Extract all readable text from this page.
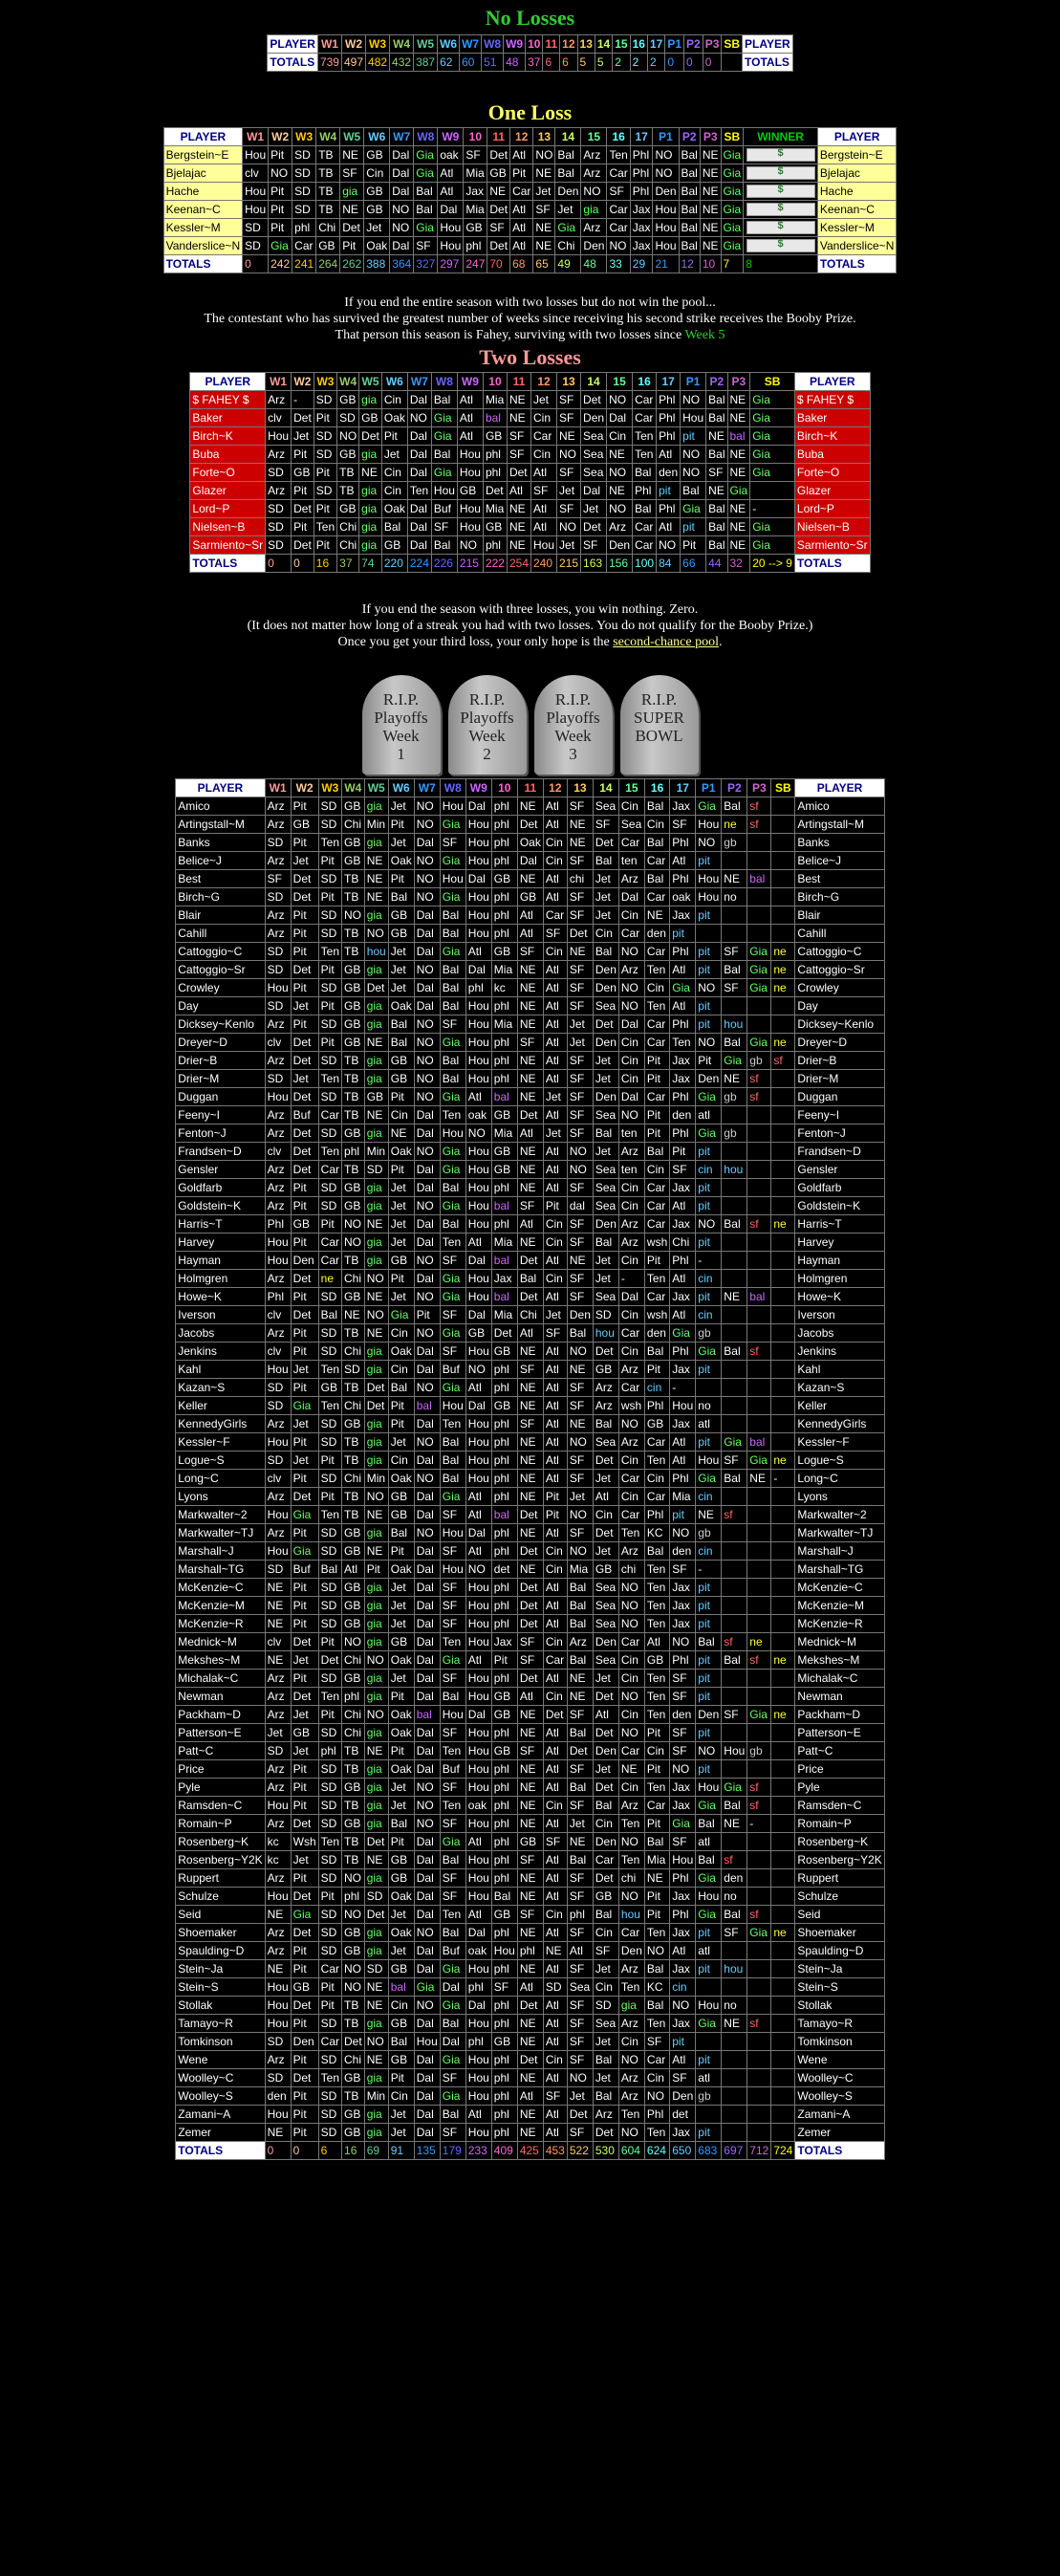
No Losses
PLAYER	W1	W2	W3	W4	W5	W6	W7	W8	W9	10	11	12	13	14	15	16	17	P1	P2	P3	SB	PLAYER
TOTALS	739	497	482	432	387	62	60	51	48	37	6	6	5	5	2	2	2	0	0	0		TOTALS
One Loss
PLAYER	W1	W2	W3	W4	W5	W6	W7	W8	W9	10	11	12	13	14	15	16	17	P1	P2	P3	SB	WINNER	PLAYER
Bergstein~E	Hou	Pit	SD	TB	NE	GB	Dal	Gia	oak	SF	Det	Atl	NO	Bal	Arz	Ten	Phl	NO	Bal	NE	Gia	$	Bergstein~E
Bjelajac	clv	NO	SD	TB	SF	Cin	Dal	Gia	Atl	Mia	GB	Pit	NE	Bal	Arz	Car	Phl	NO	Bal	NE	Gia	$	Bjelajac
Hache	Hou	Pit	SD	TB	gia	GB	Dal	Bal	Atl	Jax	NE	Car	Jet	Den	NO	SF	Phl	Den	Bal	NE	Gia	$	Hache
Keenan~C	Hou	Pit	SD	TB	NE	GB	NO	Bal	Dal	Mia	Det	Atl	SF	Jet	gia	Car	Jax	Hou	Bal	NE	Gia	$	Keenan~C
Kessler~M	SD	Pit	phl	Chi	Det	Jet	NO	Gia	Hou	GB	SF	Atl	NE	Gia	Arz	Car	Jax	Hou	Bal	NE	Gia	$	Kessler~M
Vanderslice~N	SD	Gia	Car	GB	Pit	Oak	Dal	SF	Hou	phl	Det	Atl	NE	Chi	Den	NO	Jax	Hou	Bal	NE	Gia	$	Vanderslice~N
TOTALS	0	242	241	264	262	388	364	327	297	247	70	68	65	49	48	33	29	21	12	10	7	8	TOTALS
If you end the entire season with two losses but do not win the pool...
The contestant who has survived the greatest number of weeks since receiving his second strike receives the Booby Prize.
That person this season is Fahey, surviving with two losses since Week 5
Two Losses
PLAYER	W1	W2	W3	W4	W5	W6	W7	W8	W9	10	11	12	13	14	15	16	17	P1	P2	P3	SB	PLAYER
$ FAHEY $	Arz	-	SD	GB	gia	Cin	Dal	Bal	Atl	Mia	NE	Jet	SF	Det	NO	Car	Phl	NO	Bal	NE	Gia	$ FAHEY $
Baker	clv	Det	Pit	SD	GB	Oak	NO	Gia	Atl	bal	NE	Cin	SF	Den	Dal	Car	Phl	Hou	Bal	NE	Gia	Baker
Birch~K	Hou	Jet	SD	NO	Det	Pit	Dal	Gia	Atl	GB	SF	Car	NE	Sea	Cin	Ten	Phl	pit	NE	bal	Gia	Birch~K
Buba	Arz	Pit	SD	GB	gia	Jet	Dal	Bal	Hou	phl	SF	Cin	NO	Sea	NE	Ten	Atl	NO	Bal	NE	Gia	Buba
Forte~O	SD	GB	Pit	TB	NE	Cin	Dal	Gia	Hou	phl	Det	Atl	SF	Sea	NO	Bal	den	NO	SF	NE	Gia	Forte~O
Glazer	Arz	Pit	SD	TB	gia	Cin	Ten	Hou	GB	Det	Atl	SF	Jet	Dal	NE	Phl	pit	Bal	NE	Gia		Glazer
Lord~P	SD	Det	Pit	GB	gia	Oak	Dal	Buf	Hou	Mia	NE	Atl	SF	Jet	NO	Bal	Phl	Gia	Bal	NE	-	Lord~P
Nielsen~B	SD	Pit	Ten	Chi	gia	Bal	Dal	SF	Hou	GB	NE	Atl	NO	Det	Arz	Car	Atl	pit	Bal	NE	Gia	Nielsen~B
Sarmiento~Sr	SD	Det	Pit	Chi	gia	GB	Dal	Bal	NO	phl	NE	Hou	Jet	SF	Den	Car	NO	Pit	Bal	NE	Gia	Sarmiento~Sr
TOTALS	0	0	16	37	74	220	224	226	215	222	254	240	215	163	156	100	84	66	44	32	20 --> 9	TOTALS
If you end the season with three losses, you win nothing. Zero.
(It does not matter how long of a streak you had with two losses. You do not qualify for the Booby Prize.)
Once you get your third loss, your only hope is the second-chance pool.
R.I.P.
Playoffs
Week
1
R.I.P.
Playoffs
Week
2
R.I.P.
Playoffs
Week
3
R.I.P.
SUPER
BOWL
PLAYER	W1	W2	W3	W4	W5	W6	W7	W8	W9	10	11	12	13	14	15	16	17	P1	P2	P3	SB	PLAYER
Amico	Arz	Pit	SD	GB	gia	Jet	NO	Hou	Dal	phl	NE	Atl	SF	Sea	Cin	Bal	Jax	Gia	Bal	sf		Amico
Artingstall~M	Arz	GB	SD	Chi	Min	Pit	NO	Gia	Hou	phl	Det	Atl	NE	SF	Sea	Cin	SF	Hou	ne	sf		Artingstall~M
Banks	SD	Pit	Ten	GB	gia	Jet	Dal	SF	Hou	phl	Oak	Cin	NE	Det	Car	Bal	Phl	NO	gb			Banks
Belice~J	Arz	Jet	Pit	GB	NE	Oak	NO	Gia	Hou	phl	Dal	Cin	SF	Bal	ten	Car	Atl	pit				Belice~J
Best	SF	Det	SD	TB	NE	Pit	NO	Hou	Dal	GB	NE	Atl	chi	Jet	Arz	Bal	Phl	Hou	NE	bal		Best
Birch~G	SD	Det	Pit	TB	NE	Bal	NO	Gia	Hou	phl	GB	Atl	SF	Jet	Dal	Car	oak	Hou	no			Birch~G
Blair	Arz	Pit	SD	NO	gia	GB	Dal	Bal	Hou	phl	Atl	Car	SF	Jet	Cin	NE	Jax	pit				Blair
Cahill	Arz	Pit	SD	TB	NO	GB	Dal	Bal	Hou	phl	Atl	SF	Det	Cin	Car	den	pit					Cahill
Cattoggio~C	SD	Pit	Ten	TB	hou	Jet	Dal	Gia	Atl	GB	SF	Cin	NE	Bal	NO	Car	Phl	pit	SF	Gia	ne	Cattoggio~C
Cattoggio~Sr	SD	Det	Pit	GB	gia	Jet	NO	Bal	Dal	Mia	NE	Atl	SF	Den	Arz	Ten	Atl	pit	Bal	Gia	ne	Cattoggio~Sr
Crowley	Hou	Pit	SD	GB	Det	Jet	Dal	Bal	phl	kc	NE	Atl	SF	Den	NO	Cin	Gia	NO	SF	Gia	ne	Crowley
Day	SD	Jet	Pit	GB	gia	Oak	Dal	Bal	Hou	phl	NE	Atl	SF	Sea	NO	Ten	Atl	pit				Day
Dicksey~Kenlo	Arz	Pit	SD	GB	gia	Bal	NO	SF	Hou	Mia	NE	Atl	Jet	Det	Dal	Car	Phl	pit	hou			Dicksey~Kenlo
Dreyer~D	clv	Det	Pit	GB	NE	Bal	NO	Gia	Hou	phl	SF	Atl	Jet	Den	Cin	Car	Ten	NO	Bal	Gia	ne	Dreyer~D
Drier~B	Arz	Det	SD	TB	gia	GB	NO	Bal	Hou	phl	NE	Atl	SF	Jet	Cin	Pit	Jax	Pit	Gia	gb	sf	Drier~B
Drier~M	SD	Jet	Ten	TB	gia	GB	NO	Bal	Hou	phl	NE	Atl	SF	Jet	Cin	Pit	Jax	Den	NE	sf		Drier~M
Duggan	Hou	Det	SD	TB	GB	Pit	NO	Gia	Atl	bal	NE	Jet	SF	Den	Dal	Car	Phl	Gia	gb	sf		Duggan
Feeny~I	Arz	Buf	Car	TB	NE	Cin	Dal	Ten	oak	GB	Det	Atl	SF	Sea	NO	Pit	den	atl				Feeny~I
Fenton~J	Arz	Det	SD	GB	gia	NE	Dal	Hou	NO	Mia	Atl	Jet	SF	Bal	ten	Pit	Phl	Gia	gb			Fenton~J
Frandsen~D	clv	Det	Ten	phl	Min	Oak	NO	Gia	Hou	GB	NE	Atl	NO	Jet	Arz	Bal	Pit	pit				Frandsen~D
Gensler	Arz	Det	Car	TB	SD	Pit	Dal	Gia	Hou	GB	NE	Atl	NO	Sea	ten	Cin	SF	cin	hou			Gensler
Goldfarb	Arz	Pit	SD	GB	gia	Jet	Dal	Bal	Hou	phl	NE	Atl	SF	Sea	Cin	Car	Jax	pit				Goldfarb
Goldstein~K	Arz	Pit	SD	GB	gia	Jet	NO	Gia	Hou	bal	SF	Pit	dal	Sea	Cin	Car	Atl	pit				Goldstein~K
Harris~T	Phl	GB	Pit	NO	NE	Jet	Dal	Bal	Hou	phl	Atl	Cin	SF	Den	Arz	Car	Jax	NO	Bal	sf	ne	Harris~T
Harvey	Hou	Pit	Car	NO	gia	Jet	Dal	Ten	Atl	Mia	NE	Cin	SF	Bal	Arz	wsh	Chi	pit				Harvey
Hayman	Hou	Den	Car	TB	gia	GB	NO	SF	Dal	bal	Det	Atl	NE	Jet	Cin	Pit	Phl	-				Hayman
Holmgren	Arz	Det	ne	Chi	NO	Pit	Dal	Gia	Hou	Jax	Bal	Cin	SF	Jet	-	Ten	Atl	cin				Holmgren
Howe~K	Phl	Pit	SD	GB	NE	Jet	NO	Gia	Hou	bal	Det	Atl	SF	Sea	Dal	Car	Jax	pit	NE	bal		Howe~K
Iverson	clv	Det	Bal	NE	NO	Gia	Pit	SF	Dal	Mia	Chi	Jet	Den	SD	Cin	wsh	Atl	cin				Iverson
Jacobs	Arz	Pit	SD	TB	NE	Cin	NO	Gia	GB	Det	Atl	SF	Bal	hou	Car	den	Gia	gb				Jacobs
Jenkins	clv	Pit	SD	Chi	gia	Oak	Dal	SF	Hou	GB	NE	Atl	NO	Det	Cin	Bal	Phl	Gia	Bal	sf		Jenkins
Kahl	Hou	Jet	Ten	SD	gia	Cin	Dal	Buf	NO	phl	SF	Atl	NE	GB	Arz	Pit	Jax	pit				Kahl
Kazan~S	SD	Pit	GB	TB	Det	Bal	NO	Gia	Atl	phl	NE	Atl	SF	Arz	Car	cin	-					Kazan~S
Keller	SD	Gia	Ten	Chi	Det	Pit	bal	Hou	Dal	GB	NE	Atl	SF	Arz	wsh	Phl	Hou	no				Keller
KennedyGirls	Arz	Jet	SD	GB	gia	Pit	Dal	Ten	Hou	phl	SF	Atl	NE	Bal	NO	GB	Jax	atl				KennedyGirls
Kessler~F	Hou	Pit	SD	TB	gia	Jet	NO	Bal	Hou	phl	NE	Atl	NO	Sea	Arz	Car	Atl	pit	Gia	bal		Kessler~F
Logue~S	SD	Jet	Pit	TB	gia	Cin	Dal	Bal	Hou	phl	NE	Atl	SF	Det	Cin	Ten	Atl	Hou	SF	Gia	ne	Logue~S
Long~C	clv	Pit	SD	Chi	Min	Oak	NO	Bal	Hou	phl	NE	Atl	SF	Jet	Car	Cin	Phl	Gia	Bal	NE	-	Long~C
Lyons	Arz	Det	Pit	TB	NO	GB	Dal	Gia	Atl	phl	NE	Pit	Jet	Atl	Cin	Car	Mia	cin				Lyons
Markwalter~2	Hou	Gia	Ten	TB	NE	GB	Dal	SF	Atl	bal	Det	Pit	NO	Cin	Car	Phl	pit	NE	sf			Markwalter~2
Markwalter~TJ	Arz	Pit	SD	GB	gia	Bal	NO	Hou	Dal	phl	NE	Atl	SF	Det	Ten	KC	NO	gb				Markwalter~TJ
Marshall~J	Hou	Gia	SD	GB	NE	Pit	Dal	SF	Atl	phl	Det	Cin	NO	Jet	Arz	Bal	den	cin				Marshall~J
Marshall~TG	SD	Buf	Bal	Atl	Pit	Oak	Dal	Hou	NO	det	NE	Cin	Mia	GB	chi	Ten	SF	-				Marshall~TG
McKenzie~C	NE	Pit	SD	GB	gia	Jet	Dal	SF	Hou	phl	Det	Atl	Bal	Sea	NO	Ten	Jax	pit				McKenzie~C
McKenzie~M	NE	Pit	SD	GB	gia	Jet	Dal	SF	Hou	phl	Det	Atl	Bal	Sea	NO	Ten	Jax	pit				McKenzie~M
McKenzie~R	NE	Pit	SD	GB	gia	Jet	Dal	SF	Hou	phl	Det	Atl	Bal	Sea	NO	Ten	Jax	pit				McKenzie~R
Mednick~M	clv	Det	Pit	NO	gia	GB	Dal	Ten	Hou	Jax	SF	Cin	Arz	Den	Car	Atl	NO	Bal	sf	ne		Mednick~M
Mekshes~M	NE	Jet	Det	Chi	NO	Oak	Dal	Gia	Atl	Pit	SF	Car	Bal	Sea	Cin	GB	Phl	pit	Bal	sf	ne	Mekshes~M
Michalak~C	Arz	Pit	SD	GB	gia	Jet	Dal	SF	Hou	phl	Det	Atl	NE	Jet	Cin	Ten	SF	pit				Michalak~C
Newman	Arz	Det	Ten	phl	gia	Pit	Dal	Bal	Hou	GB	Atl	Cin	NE	Det	NO	Ten	SF	pit				Newman
Packham~D	Arz	Jet	Pit	Chi	NO	Oak	bal	Hou	Dal	GB	NE	Det	SF	Atl	Cin	Ten	den	Den	SF	Gia	ne	Packham~D
Patterson~E	Jet	GB	SD	Chi	gia	Oak	Dal	SF	Hou	phl	NE	Atl	Bal	Det	NO	Pit	SF	pit				Patterson~E
Patt~C	SD	Jet	phl	TB	NE	Pit	Dal	Ten	Hou	GB	SF	Atl	Det	Den	Car	Cin	SF	NO	Hou	gb		Patt~C
Price	Arz	Pit	SD	TB	gia	Oak	Dal	Buf	Hou	phl	NE	Atl	SF	Jet	NE	Pit	NO	pit				Price
Pyle	Arz	Pit	SD	GB	gia	Jet	NO	SF	Hou	phl	NE	Atl	Bal	Det	Cin	Ten	Jax	Hou	Gia	sf		Pyle
Ramsden~C	Hou	Pit	SD	TB	gia	Jet	NO	Ten	oak	phl	NE	Cin	SF	Bal	Arz	Car	Jax	Gia	Bal	sf		Ramsden~C
Romain~P	Arz	Det	SD	GB	gia	Bal	NO	SF	Hou	phl	NE	Atl	Jet	Cin	Ten	Pit	Gia	Bal	NE	-		Romain~P
Rosenberg~K	kc	Wsh	Ten	TB	Det	Pit	Dal	Gia	Atl	phl	GB	SF	NE	Den	NO	Bal	SF	atl				Rosenberg~K
Rosenberg~Y2K	kc	Jet	SD	TB	NE	GB	Dal	Bal	Hou	phl	SF	Atl	Bal	Car	Ten	Mia	Hou	Bal	sf			Rosenberg~Y2K
Ruppert	Arz	Pit	SD	NO	gia	GB	Dal	SF	Hou	phl	NE	Atl	SF	Det	chi	NE	Phl	Gia	den			Ruppert
Schulze	Hou	Det	Pit	phl	SD	Oak	Dal	SF	Hou	Bal	NE	Atl	SF	GB	NO	Pit	Jax	Hou	no			Schulze
Seid	NE	Gia	SD	NO	Det	Jet	Dal	Ten	Atl	GB	SF	Cin	phl	Bal	hou	Pit	Phl	Gia	Bal	sf		Seid
Shoemaker	Arz	Det	SD	GB	gia	Oak	NO	Bal	Dal	phl	NE	Atl	SF	Cin	Car	Ten	Jax	pit	SF	Gia	ne	Shoemaker
Spaulding~D	Arz	Pit	SD	GB	gia	Jet	Dal	Buf	oak	Hou	phl	NE	Atl	SF	Den	NO	Atl	atl				Spaulding~D
Stein~Ja	NE	Pit	Car	NO	SD	GB	Dal	Gia	Hou	phl	NE	Atl	SF	Jet	Arz	Bal	Jax	pit	hou			Stein~Ja
Stein~S	Hou	GB	Pit	NO	NE	bal	Gia	Dal	phl	SF	Atl	SD	Sea	Cin	Ten	KC	cin					Stein~S
Stollak	Hou	Det	Pit	TB	NE	Cin	NO	Gia	Dal	phl	Det	Atl	SF	SD	gia	Bal	NO	Hou	no			Stollak
Tamayo~R	Hou	Pit	SD	TB	gia	GB	Dal	Bal	Hou	phl	NE	Atl	SF	Sea	Arz	Ten	Jax	Gia	NE	sf		Tamayo~R
Tomkinson	SD	Den	Car	Det	NO	Bal	Hou	Dal	phl	GB	NE	Atl	SF	Jet	Cin	SF	pit					Tomkinson
Wene	Arz	Pit	SD	Chi	NE	GB	Dal	Gia	Hou	phl	Det	Cin	SF	Bal	NO	Car	Atl	pit				Wene
Woolley~C	SD	Det	Ten	GB	gia	Pit	Dal	SF	Hou	phl	NE	Atl	NO	Jet	Arz	Cin	SF	atl				Woolley~C
Woolley~S	den	Pit	SD	TB	Min	Cin	Dal	Gia	Hou	phl	Atl	SF	Jet	Bal	Arz	NO	Den	gb				Woolley~S
Zamani~A	Hou	Pit	SD	GB	gia	Jet	Dal	Bal	Atl	phl	NE	Atl	Det	Arz	Ten	Phl	det					Zamani~A
Zemer	NE	Pit	SD	GB	gia	Jet	Dal	SF	Hou	phl	NE	Atl	SF	Det	NO	Ten	Jax	pit				Zemer
TOTALS	0	0	6	16	69	91	135	179	233	409	425	453	522	530	604	624	650	683	697	712	724	TOTALS
